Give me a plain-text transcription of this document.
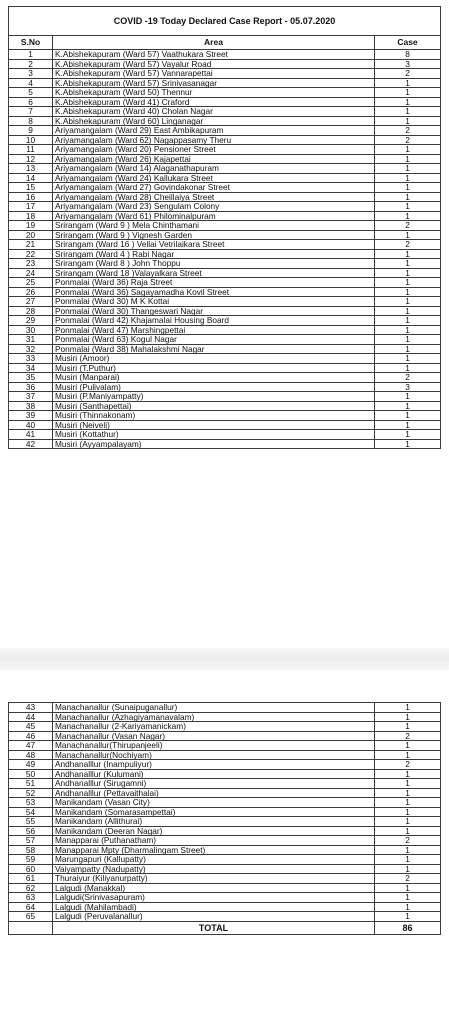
COVID -19 Today Declared Case Report - 05.07.2020		
S.No	Area	Case
1	K.Abishekapuram (Ward 57) Vaathukara Street	8
2	K.Abishekapuram (Ward 57) Vayalur Road	3
3	K.Abishekapuram (Ward 57) Vannarapettai	2
4	K.Abishekapuram (Ward 57) Srinivasanagar	1
5	K.Abishekapuram (Ward 50) Thennur	1
6	K.Abishekapuram (Ward 41) Craford	1
7	K.Abishekapuram (Ward 40) Cholan Nagar	1
8	K.Abishekapuram (Ward 60) Linganagar	1
9	Ariyamangalam (Ward 29) East Ambikapuram	2
10	Ariyamangalam (Ward 62) Nagappasamy Theru	2
11	Ariyamangalam (Ward 20) Pensioner Street	1
12	Ariyamangalam (Ward 26) Kajapettai	1
13	Ariyamangalam (Ward 14) Alaganathapuram	1
14	Ariyamangalam (Ward 24) Kallukara Street	1
15	Ariyamangalam (Ward 27) Govindakonar Street	1
16	Ariyamangalam (Ward 28) Cheillaiya Street	1
17	Ariyamangalam (Ward 23) Sengulam Colony	1
18	Ariyamangalam (Ward 61) Philominalpuram	1
19	Srirangam (Ward 9 ) Mela Chinthamani	2
20	Srirangam (Ward 9 ) Vignesh Garden	1
21	Srirangam (Ward 16 ) Vellai Vetrilaikara Street	2
22	Srirangam (Ward 4 ) Rabi Nagar	1
23	Srirangam (Ward 8 ) John Thoppu	1
24	Srirangam (Ward 18 )Valayalkara Street	1
25	Ponmalai (Ward 36) Raja Street	1
26	Ponmalai (Ward 36) Sagayamadha Kovil Street	1
27	Ponmalai (Ward 30) M K Kottai	1
28	Ponmalai (Ward 30) Thangeswari Nagar	1
29	Ponmalai (Ward 42) Khajamalai Housing Board	1
30	Ponmalai (Ward 47) Marshingpettai	1
31	Ponmalai (Ward 63) Kogul Nagar	1
32	Ponmalai (Ward 38) Mahalakshmi Nagar	1
33	Musiri (Amoor)	1
34	Musiri (T.Puthur)	1
35	Musiri (Manparai)	2
36	Musiri (Pulivalam)	3
37	Musiri (P.Maniyampatty)	1
38	Musiri (Santhapettai)	1
39	Musiri (Thinnakonam)	1
40	Musiri (Neiveli)	1
41	Musiri (Kottathur)	1
42	Musiri (Ayyampalayam)	1
43	Manachanallur (Sunaipuganallur)	1
44	Manachanallur (Azhagiyamanavalam)	1
45	Manachanallur (2-Kariyamanickam)	1
46	Manachanallur (Vasan Nagar)	2
47	Manachanallur(Thirupanjeeli)	1
48	Manachanallur(Nochiyam)	1
49	Andhanalllur (Inampuliyur)	2
50	Andhanalllur (Kulumani)	1
51	Andhanalllur (Sirugamni)	1
52	Andhanalllur (Pettavaithalai)	1
53	Manikandam (Vasan City)	1
54	Manikandam (Somarasampettai)	1
55	Manikandam (Allithurai)	1
56	Manikandam (Deeran Nagar)	1
57	Manapparai (Puthanatham)	2
58	Manapparai Mpty (Dharmalingam Street)	1
59	Marungapuri (Kallupatty)	1
60	Vaiyampatty (Nadupatty)	1
61	Thuraiyur (Kiliyanurpatty)	2
62	Lalgudi (Manakkal)	1
63	Lalgudi(Srinivasapuram)	1
64	Lalgudi (Mahilambadi)	1
65	Lalgudi (Peruvalanallur)	1
	TOTAL	86
